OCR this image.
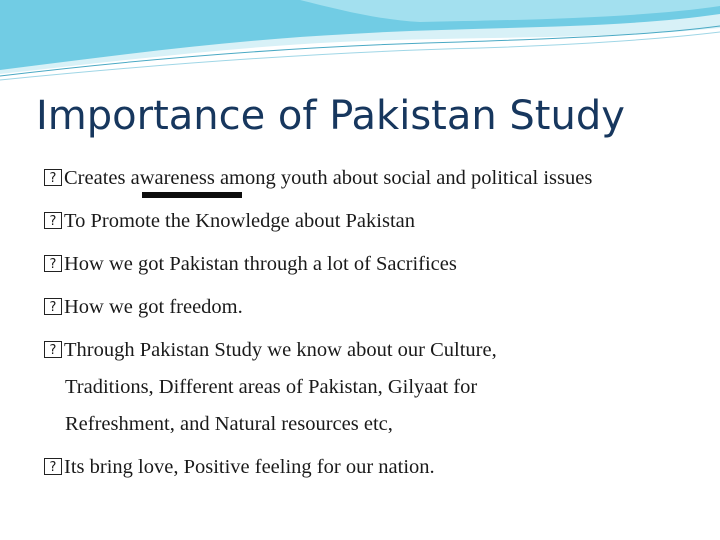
Importance of Pakistan Study
?Creates awareness among youth about social and political issues
?To Promote the Knowledge about Pakistan
?How we got Pakistan through a lot of Sacrifices
?How we got freedom.
?Through Pakistan Study we know about our Culture,
Traditions, Different areas of Pakistan, Gilyaat for
Refreshment, and Natural resources etc,
?Its bring love, Positive feeling for our nation.
